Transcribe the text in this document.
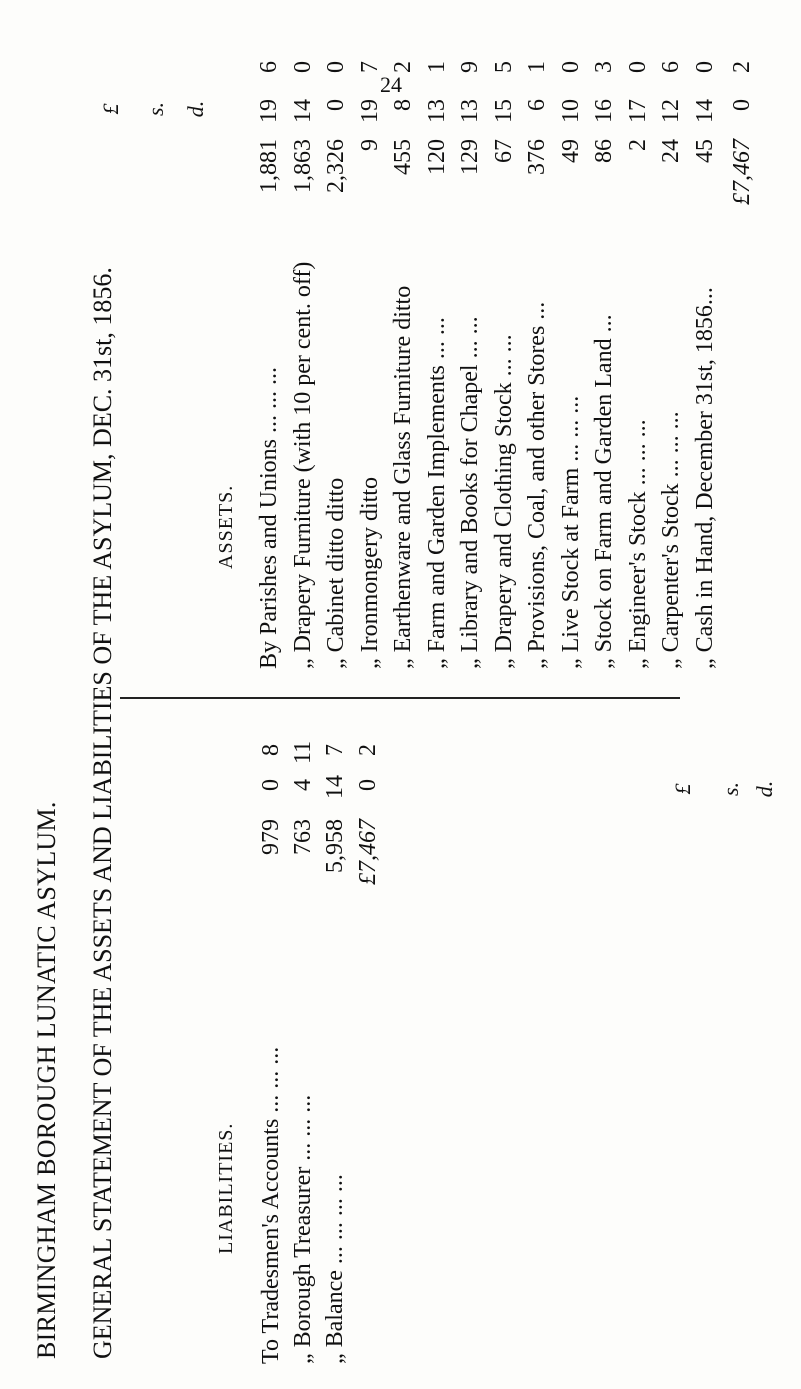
24
BIRMINGHAM BOROUGH LUNATIC ASYLUM. GENERAL STATEMENT OF THE ASSETS AND LIABILITIES OF THE ASYLUM, DEC. 31st, 1856.	LIABILITIES.
£ s. d.
To Tradesmen's Accounts ... ... ...
979
0
8
„ Borough Treasurer ... ... ...
763
4
11
„ Balance ... ... ... ...
5,958
14
7
£7,467
0
2
ASSETS.
£ s. d.
By Parishes and Unions ... ... ...
1,881
19
6
„ Drapery Furniture (with 10 per cent. off)
1,863
14
0
„ Cabinet ditto ditto
2,326
0
0
„ Ironmongery ditto
9
19
7
„ Earthenware and Glass Furniture ditto
455
8
2
„ Farm and Garden Implements ... ...
120
13
1
„ Library and Books for Chapel ... ...
129
13
9
„ Drapery and Clothing Stock ... ...
67
15
5
„ Provisions, Coal, and other Stores ...
376
6
1
„ Live Stock at Farm ... ... ...
49
10
0
„ Stock on Farm and Garden Land ...
86
16
3
„ Engineer's Stock ... ... ...
2
17
0
„ Carpenter's Stock ... ... ...
24
12
6
„ Cash in Hand, December 31st, 1856...
45
14
0
£7,467
0
2
